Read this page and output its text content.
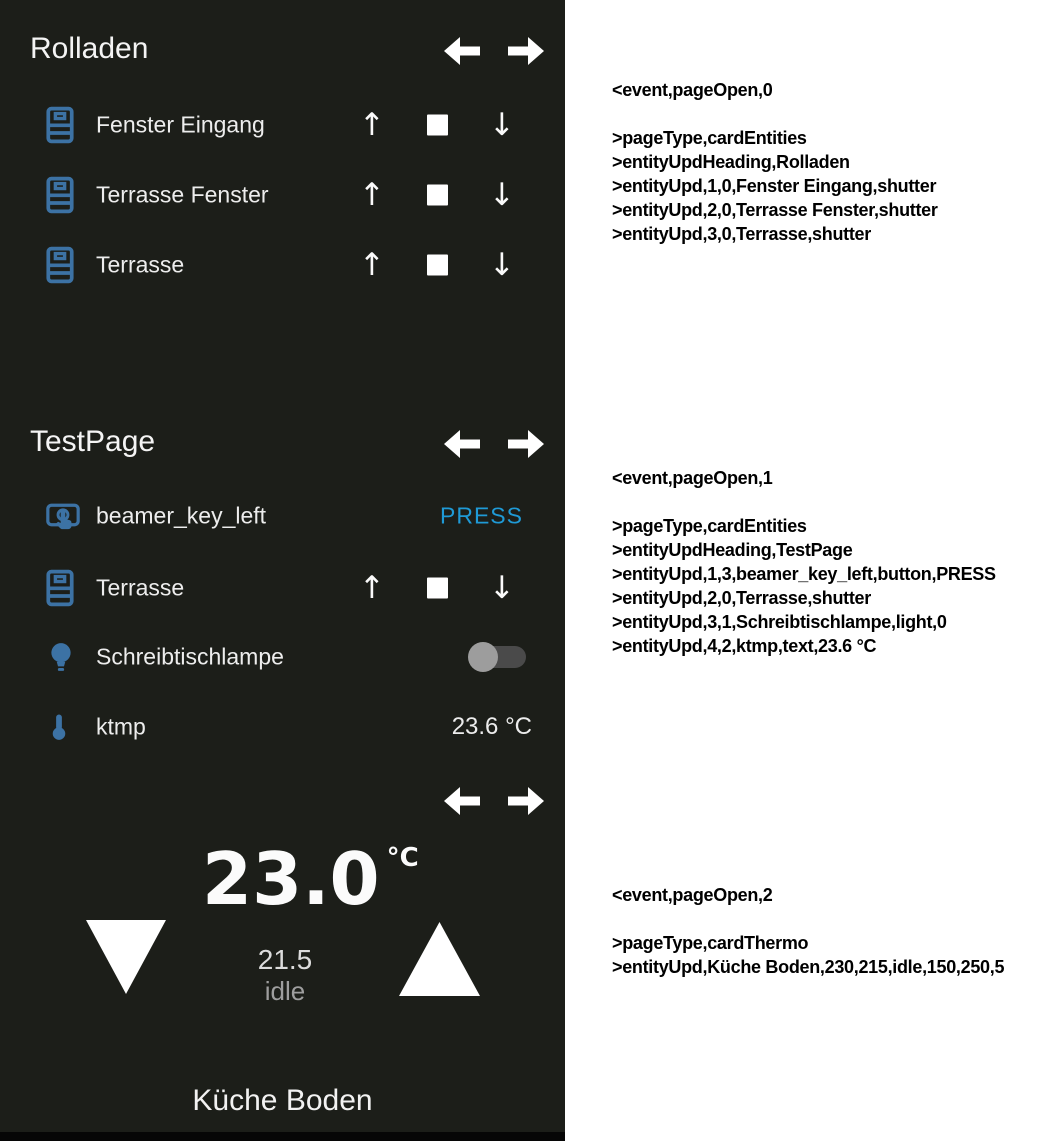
Rolladen
Fenster Eingang	↑	↓
Terrasse Fenster	↑	↓
Terrasse	↑	↓
TestPage
beamer_key_left	PRESS
Terrasse	↑	↓
Schreibtischlampe
ktmp	23.6 °C
23.0 $^{^\circ C}$
21.5
idle
Küche Boden
<event,pageOpen,0
>pageType,cardEntities
>entityUpdHeading,Rolladen
>entityUpd,1,0,Fenster Eingang,shutter
>entityUpd,2,0,Terrasse Fenster,shutter
>entityUpd,3,0,Terrasse,shutter
<event,pageOpen,1
>pageType,cardEntities
>entityUpdHeading,TestPage
>entityUpd,1,3,beamer_key_left,button,PRESS
>entityUpd,2,0,Terrasse,shutter
>entityUpd,3,1,Schreibtischlampe,light,0
>entityUpd,4,2,ktmp,text,23.6 °C
<event,pageOpen,2
>pageType,cardThermo
>entityUpd,Küche Boden,230,215,idle,150,250,5
